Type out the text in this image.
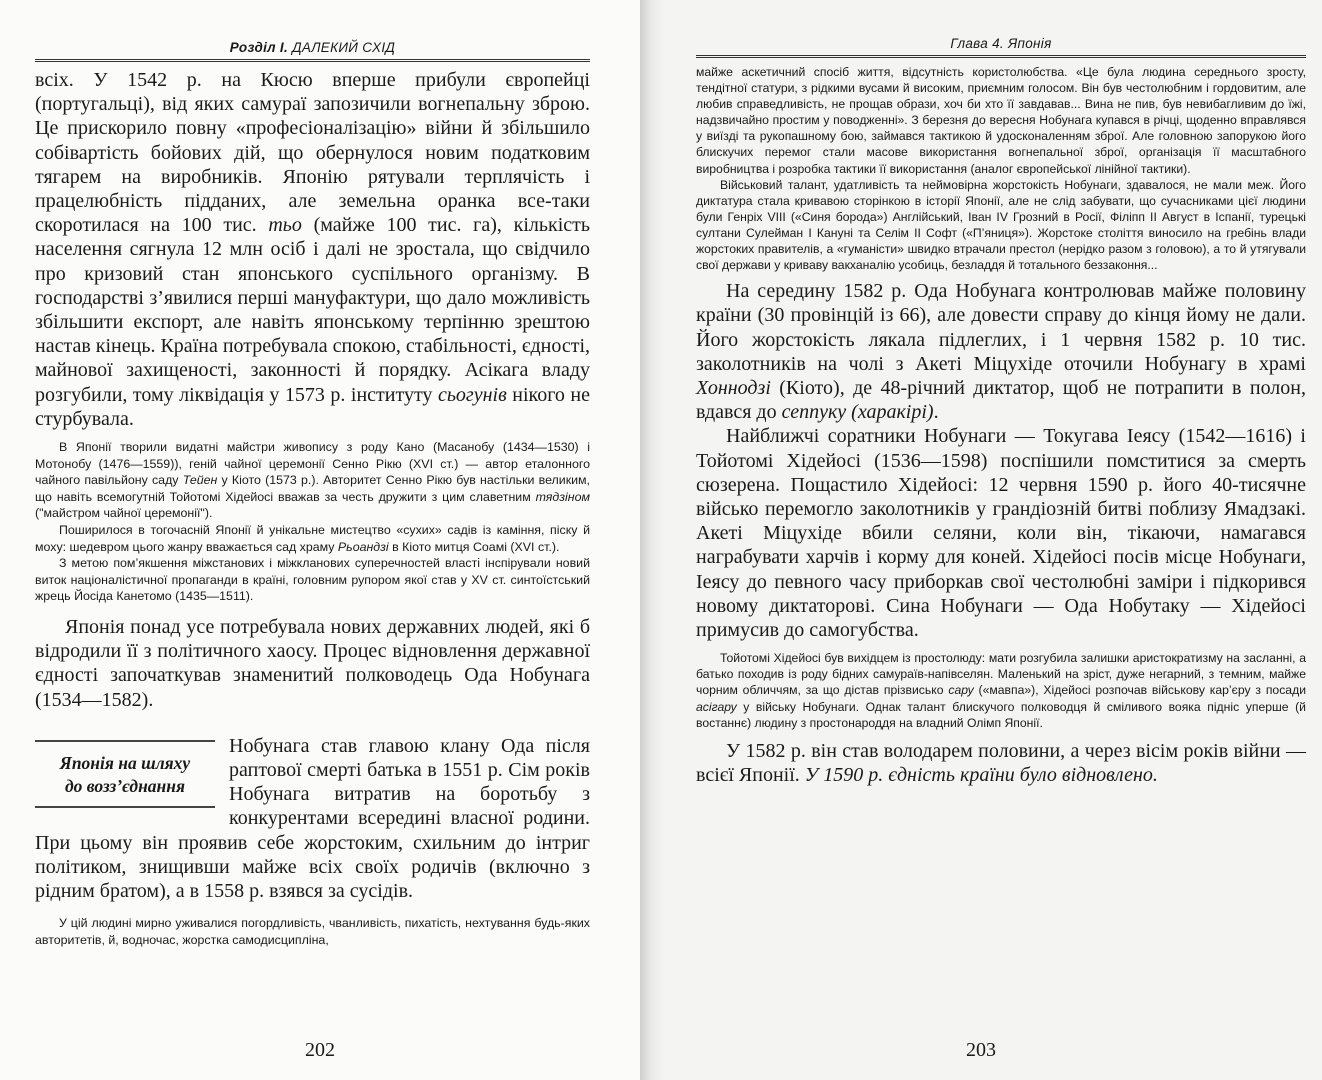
Розділ І. ДАЛЕКИЙ СХІД

всіх. У 1542 р. на Кюсю вперше прибули європейці (португальці), від яких самураї запозичили вогнепальну зброю. Це прискорило повну «професіоналізацію» війни й збільшило собівартість бойових дій, що обернулося новим податковим тягарем на виробників. Японію рятували терплячість і працелюбність підданих, але земельна оранка все-таки скоротилася на 100 тис. тьо (майже 100 тис. га), кількість населення сягнула 12 млн осіб і далі не зростала, що свідчило про кризовий стан японського суспільного організму. В господарстві з’явилися перші мануфактури, що дало можливість збільшити експорт, але навіть японському терпінню зрештою настав кінець. Країна потребувала спокою, стабільності, єдності, майнової захищеності, законності й порядку. Асікага владу розгубили, тому ліквідація у 1573 р. інституту сьогунів нікого не стурбувала.

В Японії творили видатні майстри живопису з роду Кано (Масанобу (1434—1530) і Мотонобу (1476—1559)), геній чайної церемонії Сенно Рікю (XVI ст.) — автор еталонного чайного павільйону саду Тейен у Кіото (1573 р.). Авторитет Сенно Рікю був настільки великим, що навіть всемогутній Тойотомі Хідейосі вважав за честь дружити з цим славетним тядзіном ("майстром чайної церемонії").

Поширилося в тогочасній Японії й унікальне мистецтво «сухих» садів із каміння, піску й моху: шедевром цього жанру вважається сад храму Рьоандзі в Кіото митця Соамі (XVI ст.).

З метою пом’якшення міжстанових і міжкланових суперечностей властi інспірували новий виток націоналістичної пропаганди в країні, головним рупором якої став у XV ст. синтоїстський жрець Йосіда Канетомо (1435—1511).

Японія понад усе потребувала нових державних людей, які б відродили її з політичного хаосу. Процес відновлення державної єдності започаткував знаменитий полководець Ода Нобунага (1534—1582).

Японія на шляху
до возз’єднання

Нобунага став главою клану Ода після раптової смерті батька в 1551 р. Сім років Нобунага витратив на боротьбу з конкурентами всередині власної родини. При цьому він проявив себе жорстоким, схильним до інтриг політиком, знищивши майже всіх своїх родичів (включно з рідним братом), а в 1558 р. взявся за сусідів.

У цій людині мирно уживалися погордливість, чванливість, пихатість, нехтування будь-яких авторитетів, й, водночас, жорстка самодисципліна,

202
Глава 4. Японія

майже аскетичний спосіб життя, відсутність користолюбства. «Це була людина середнього зросту, тендітної статури, з рідкими вусами й високим, приємним голосом. Він був честолюбним і гордовитим, але любив справедливість, не прощав образи, хоч би хто її завдавав... Вина не пив, був невибагливим до їжі, надзвичайно простим у поводженні». З березня до вересня Нобунага купався в річці, щоденно вправлявся у виїзді та рукопашному бою, займався тактикою й удосконаленням зброї. Але головною запорукою його блискучих перемог стали масове використання вогнепальної зброї, організація її масштабного виробництва і розробка тактики її використання (аналог європейської лінійної тактики).

Військовий талант, удатливість та неймовірна жорстокість Нобунаги, здавалося, не мали меж. Його диктатура стала кривавою сторінкою в історії Японії, але не слід забувати, що сучасниками цієї людини були Генріх VIII («Синя борода») Англійський, Іван IV Грозний в Росії, Філіпп II Август в Іспанії, турецькі султани Сулейман І Кануні та Селім II Софт («П’яниця»). Жорстоке століття виносило на гребінь влади жорстоких правителів, а «гуманісти» швидко втрачали престол (нерідко разом з головою), а то й утягували свої держави у криваву вакханалію усобиць, безладдя й тотального беззаконня...

На середину 1582 р. Ода Нобунага контролював майже половину країни (30 провінцій із 66), але довести справу до кінця йому не дали. Його жорстокість лякала підлеглих, і 1 червня 1582 р. 10 тис. заколотників на чолі з Акеті Міцухіде оточили Нобунагу в храмі Хоннодзі (Кіото), де 48-річний диктатор, щоб не потрапити в полон, вдався до сеппуку (харакірі).

Найближчі соратники Нобунаги — Токугава Іеясу (1542—1616) і Тойотомі Хідейосі (1536—1598) поспішили помститися за смерть сюзерена. Пощастило Хідейосі: 12 червня 1590 р. його 40-тисячне військо перемогло заколотників у грандіозній битві поблизу Ямадзакі. Акеті Міцухіде вбили селяни, коли він, тікаючи, намагався награбувати харчів і корму для коней. Хідейосі посів місце Нобунаги, Іеясу до певного часу приборкав свої честолюбні заміри і підкорився новому диктаторові. Сина Нобунаги — Ода Нобутаку — Хідейосі примусив до самогубства.

Тойотомі Хідейосі був вихідцем із простолюду: мати розгубила залишки аристократизму на засланні, а батько походив із роду бідних самураїв-напівселян. Маленький на зріст, дуже негарний, з темним, майже чорним обличчям, за що дістав прізвисько сару («мавпа»), Хідейосі розпочав військову кар’єру з посади асігару у війську Нобунаги. Однак талант блискучого полководця й сміливого вояка підніс уперше (й востаннє) людину з простонароддя на владний Олімп Японії.

У 1582 р. він став володарем половини, а через вісім років війни — всієї Японії. У 1590 р. єдність країни було відновлено.

203
